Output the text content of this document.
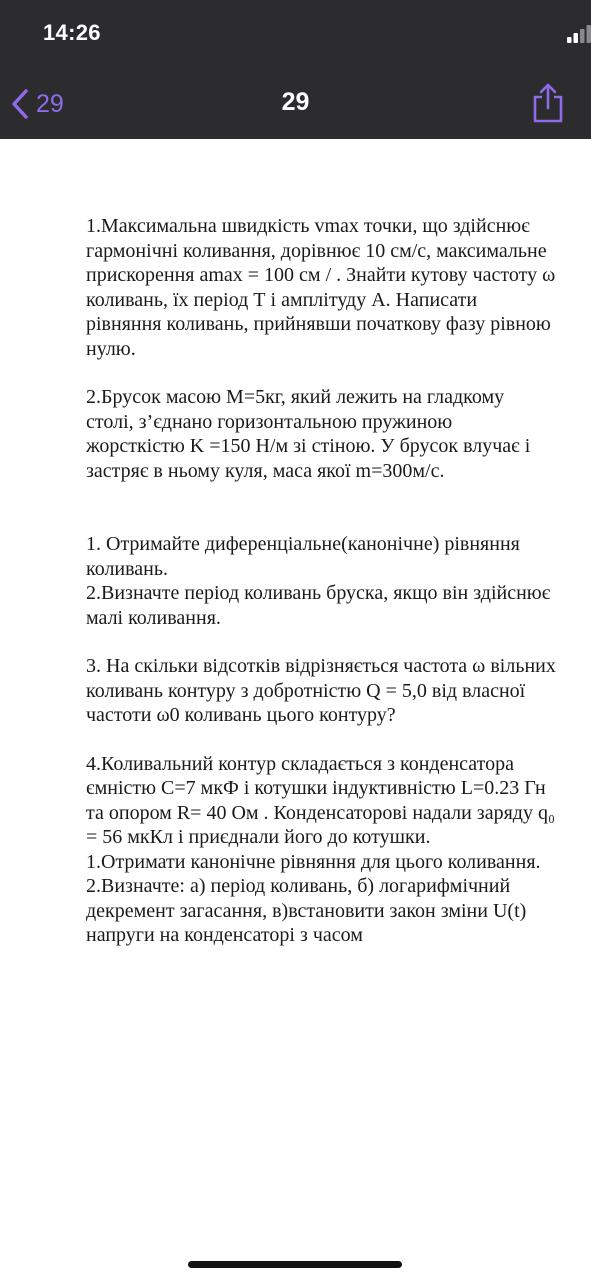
14:26
29	29

1.Максимальна швидкість vmax точки, що здійснює гармонічні коливання, дорівнює 10 см/с, максимальне прискорення amax = 100 см / . Знайти кутову частоту ω коливань, їх період Т і амплітуду А. Написати рівняння коливань, прийнявши початкову фазу рівною нулю.

2.Брусок масою M=5кг, який лежить на гладкому столі, з’єднано горизонтальною пружиною жорсткістю K =150 Н/м зі стіною. У брусок влучає і застряє в ньому куля, маса якої m=300м/с.

1. Отримайте диференціальне(канонічне) рівняння коливань.
2.Визначте період коливань бруска, якщо він здійснює малі коливання.

3. На скільки відсотків відрізняється частота ω вільних коливань контуру з добротністю Q = 5,0 від власної частоти ω0 коливань цього контуру?

4.Коливальний контур складається з конденсатора ємністю С=7 мкФ і котушки індуктивністю L=0.23 Гн та опором R= 40 Ом . Конденсаторові надали заряду q₀ = 56 мкКл і приєднали його до котушки.
1.Отримати канонічне рівняння для цього коливання.
2.Визначте: а) період коливань, б) логарифмічний декремент загасання, в)встановити закон зміни U(t) напруги на конденсаторі з часом
